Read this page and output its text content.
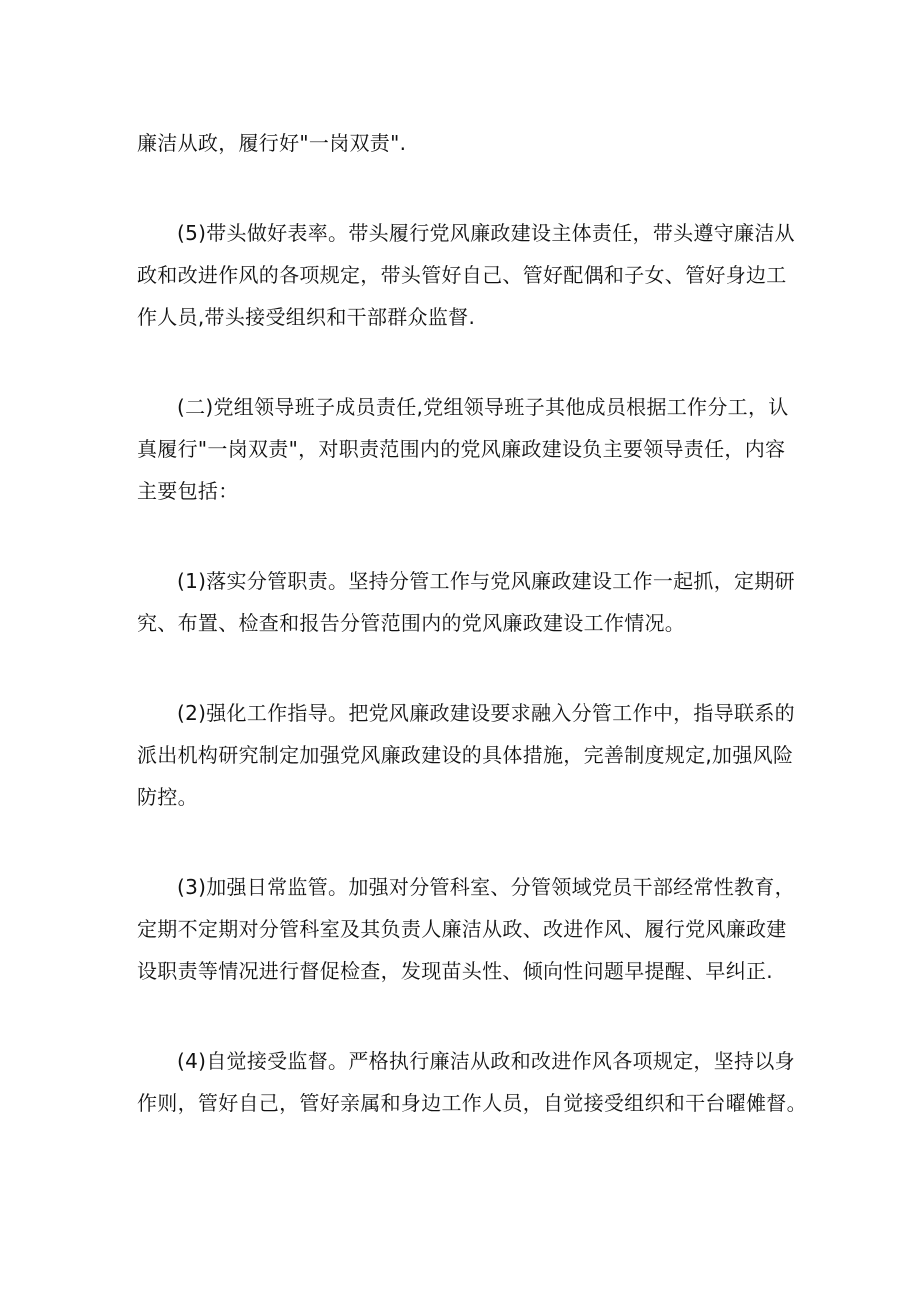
廉洁从政，履行好"一岗双责".

(5)带头做好表率。带头履行党风廉政建设主体责任，带头遵守廉洁从
政和改进作风的各项规定，带头管好自己、管好配偶和子女、管好身边工
作人员,带头接受组织和干部群众监督.

(二)党组领导班子成员责任,党组领导班子其他成员根据工作分工，认
真履行"一岗双责"，对职责范围内的党风廉政建设负主要领导责任，内容
主要包括：

(1)落实分管职责。坚持分管工作与党风廉政建设工作一起抓，定期研
究、布置、检查和报告分管范围内的党风廉政建设工作情况。

(2)强化工作指导。把党风廉政建设要求融入分管工作中，指导联系的
派出机构研究制定加强党风廉政建设的具体措施，完善制度规定,加强风险
防控。

(3)加强日常监管。加强对分管科室、分管领域党员干部经常性教育，
定期不定期对分管科室及其负责人廉洁从政、改进作风、履行党风廉政建
设职责等情况进行督促检查，发现苗头性、倾向性问题早提醒、早纠正.

(4)自觉接受监督。严格执行廉洁从政和改进作风各项规定，坚持以身
作则，管好自己，管好亲属和身边工作人员，自觉接受组织和干台曜傩督。
